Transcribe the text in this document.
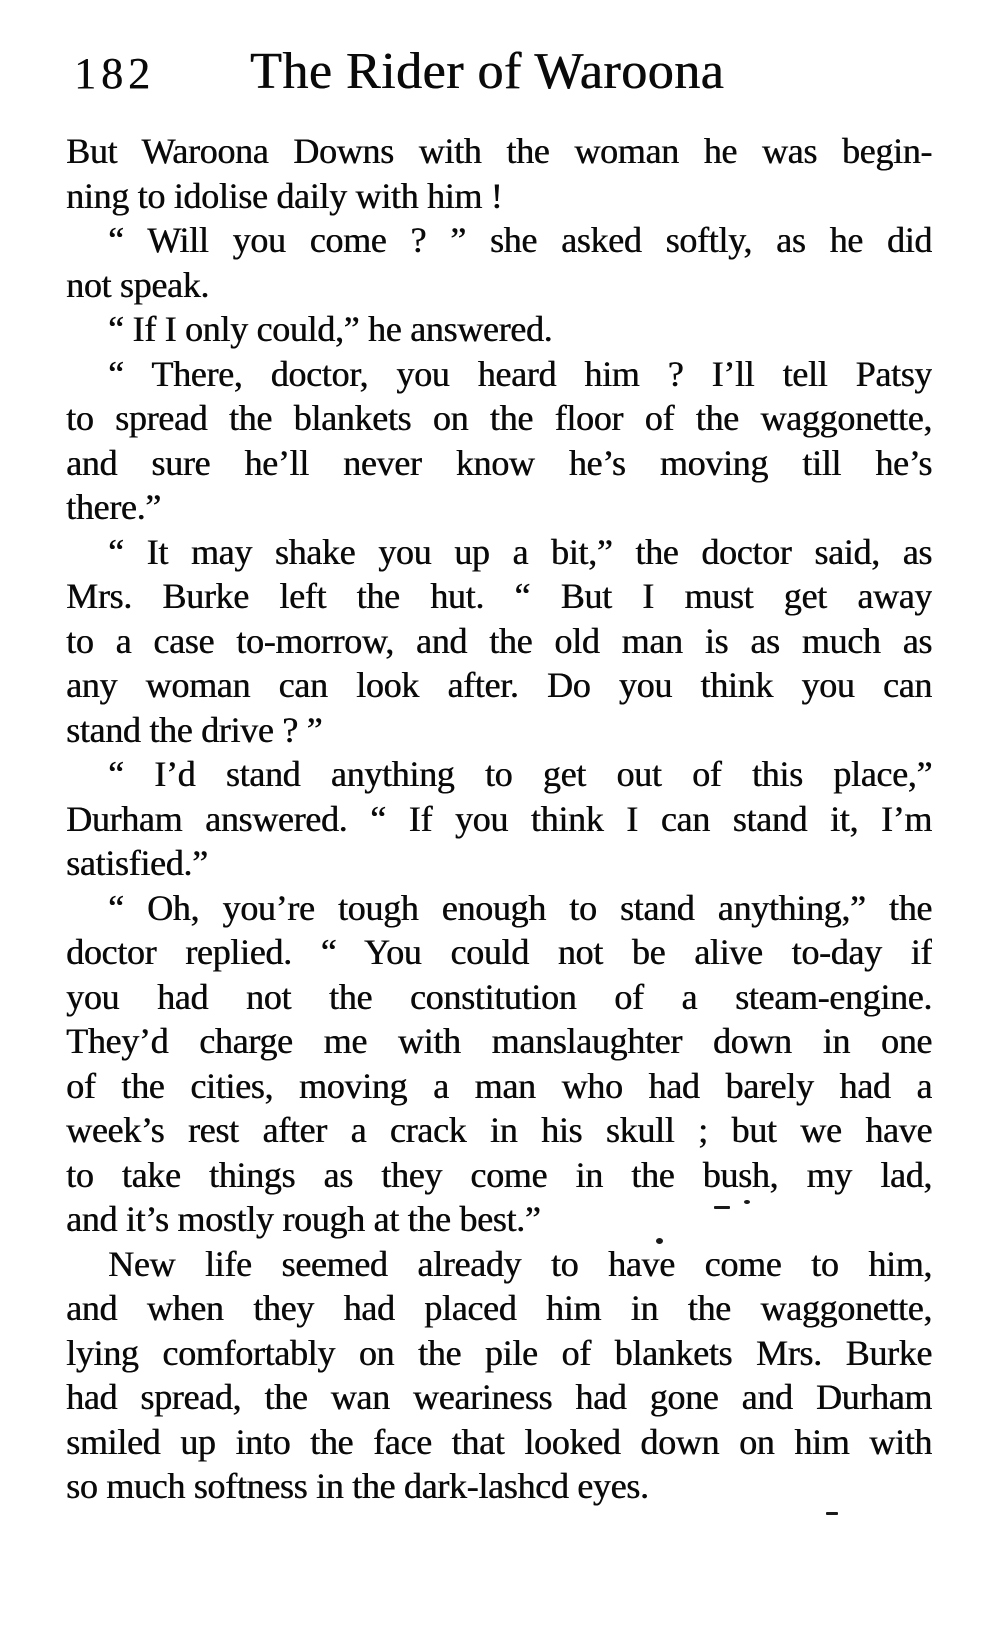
182 The Rider of Waroona
But Waroona Downs with the woman he was begin-
ning to idolise daily with him !
“ Will you come ? ” she asked softly, as he did
not speak.
“ If I only could,” he answered.
“ There, doctor, you heard him ? I’ll tell Patsy
to spread the blankets on the floor of the waggonette,
and sure he’ll never know he’s moving till he’s
there.”
“ It may shake you up a bit,” the doctor said, as
Mrs. Burke left the hut. “ But I must get away
to a case to-morrow, and the old man is as much as
any woman can look after. Do you think you can
stand the drive ? ”
“ I’d stand anything to get out of this place,”
Durham answered. “ If you think I can stand it, I’m
satisfied.”
“ Oh, you’re tough enough to stand anything,” the
doctor replied. “ You could not be alive to-day if
you had not the constitution of a steam-engine.
They’d charge me with manslaughter down in one
of the cities, moving a man who had barely had a
week’s rest after a crack in his skull ; but we have
to take things as they come in the bush, my lad,
and it’s mostly rough at the best.”
New life seemed already to have come to him,
and when they had placed him in the waggonette,
lying comfortably on the pile of blankets Mrs. Burke
had spread, the wan weariness had gone and Durham
smiled up into the face that looked down on him with
so much softness in the dark-lashcd eyes.
